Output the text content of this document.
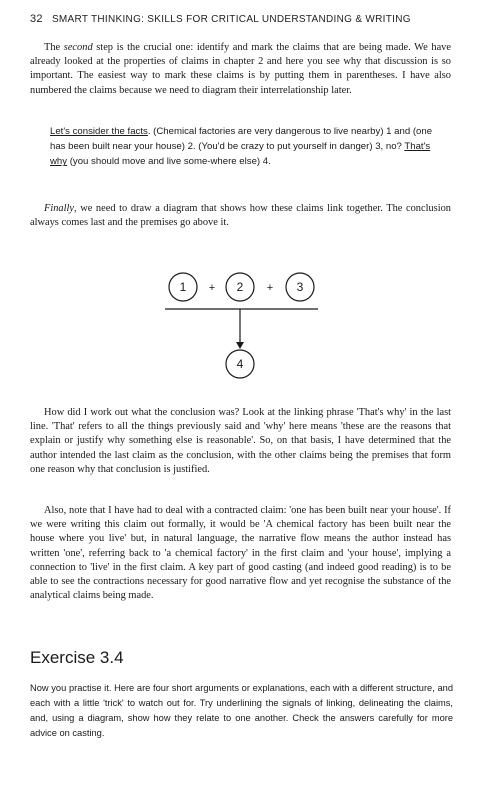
32 SMART THINKING: SKILLS FOR CRITICAL UNDERSTANDING & WRITING

The second step is the crucial one: identify and mark the claims that are being made. We have already looked at the properties of claims in chapter 2 and here you see why that discussion is so important. The easiest way to mark these claims is by putting them in parentheses. I have also numbered the claims because we need to diagram their interrelationship later.

Let's consider the facts. (Chemical factories are very dangerous to live nearby) 1 and (one has been built near your house) 2. (You'd be crazy to put yourself in danger) 3, no? That's why (you should move and live some-where else) 4.

Finally, we need to draw a diagram that shows how these claims link together. The conclusion always comes last and the premises go above it.

1 + 2 + 3
4

How did I work out what the conclusion was? Look at the linking phrase 'That's why' in the last line. 'That' refers to all the things previously said and 'why' here means 'these are the reasons that explain or justify why something else is reasonable'. So, on that basis, I have determined that the author intended the last claim as the conclusion, with the other claims being the premises that form one reason why that conclusion is justified.

Also, note that I have had to deal with a contracted claim: 'one has been built near your house'. If we were writing this claim out formally, it would be 'A chemical factory has been built near the house where you live' but, in natural language, the narrative flow means the author instead has written 'one', referring back to 'a chemical factory' in the first claim and 'your house', implying a connection to 'live' in the first claim. A key part of good casting (and indeed good reading) is to be able to see the contractions necessary for good narrative flow and yet recognise the substance of the analytical claims being made.

Exercise 3.4
Now you practise it. Here are four short arguments or explanations, each with a different structure, and each with a little 'trick' to watch out for. Try underlining the signals of linking, delineating the claims, and, using a diagram, show how they relate to one another. Check the answers carefully for more advice on casting.
